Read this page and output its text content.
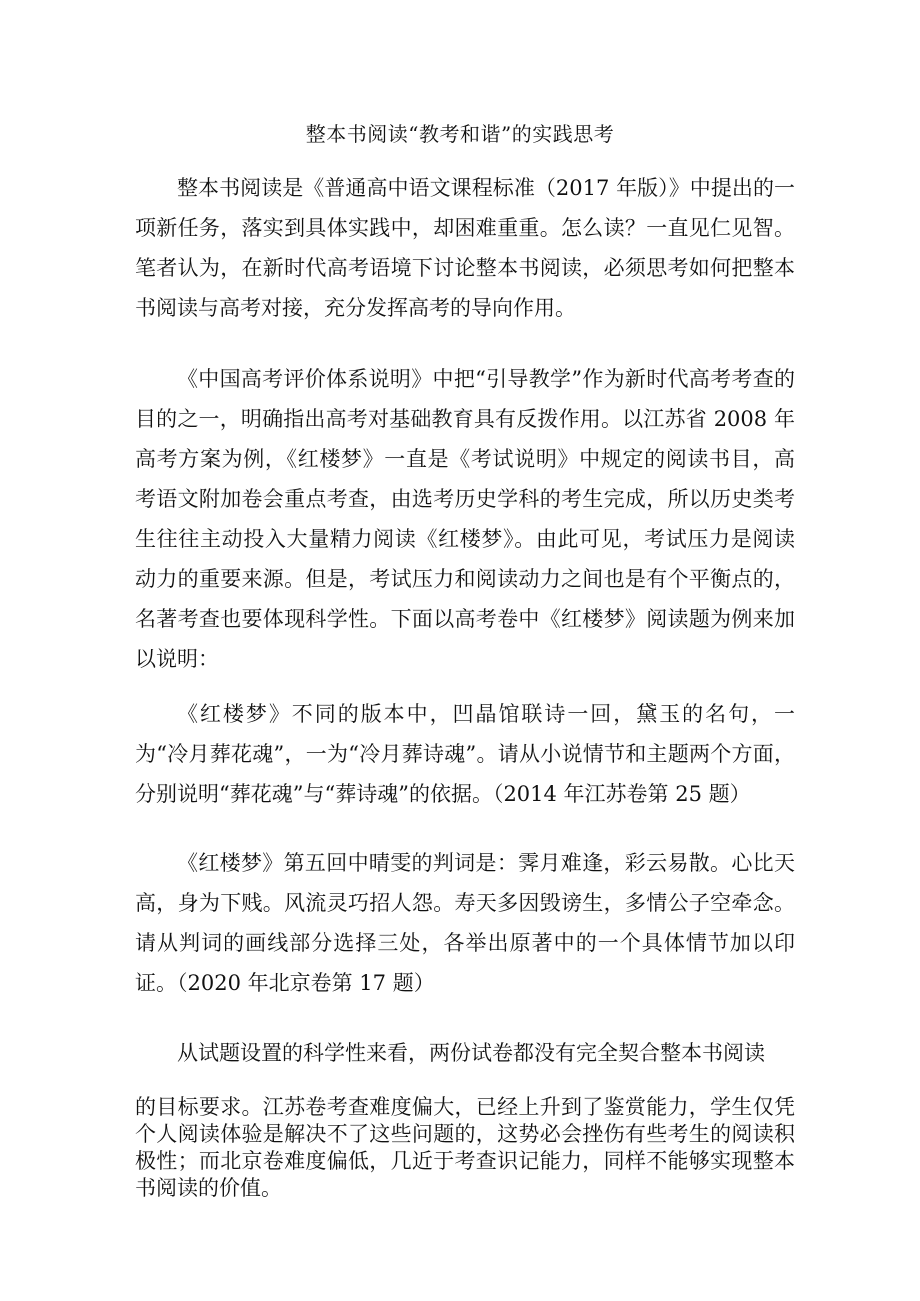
整本书阅读“教考和谐”的实践思考
整本书阅读是《普通高中语文课程标准（2017 年版）》中提出的一项新任务，落实到具体实践中，却困难重重。怎么读？一直见仁见智。笔者认为，在新时代高考语境下讨论整本书阅读，必须思考如何把整本书阅读与高考对接，充分发挥高考的导向作用。
《中国高考评价体系说明》中把“引导教学”作为新时代高考考查的目的之一，明确指出高考对基础教育具有反拨作用。以江苏省 2008 年高考方案为例，《红楼梦》一直是《考试说明》中规定的阅读书目，高考语文附加卷会重点考查，由选考历史学科的考生完成，所以历史类考生往往主动投入大量精力阅读《红楼梦》。由此可见，考试压力是阅读动力的重要来源。但是，考试压力和阅读动力之间也是有个平衡点的，名著考查也要体现科学性。下面以高考卷中《红楼梦》阅读题为例来加以说明：
《红楼梦》不同的版本中，凹晶馆联诗一回，黛玉的名句，一为“冷月葬花魂”，一为“冷月葬诗魂”。请从小说情节和主题两个方面，分别说明“葬花魂”与“葬诗魂”的依据。（2014 年江苏卷第 25 题）
《红楼梦》第五回中晴雯的判词是：霁月难逢，彩云易散。心比天高，身为下贱。风流灵巧招人怨。寿天多因毁谤生，多情公子空牵念。请从判词的画线部分选择三处，各举出原著中的一个具体情节加以印证。（2020 年北京卷第 17 题）
从试题设置的科学性来看，两份试卷都没有完全契合整本书阅读
的目标要求。江苏卷考查难度偏大，已经上升到了鉴赏能力，学生仅凭个人阅读体验是解决不了这些问题的，这势必会挫伤有些考生的阅读积极性；而北京卷难度偏低，几近于考查识记能力，同样不能够实现整本书阅读的价值。
